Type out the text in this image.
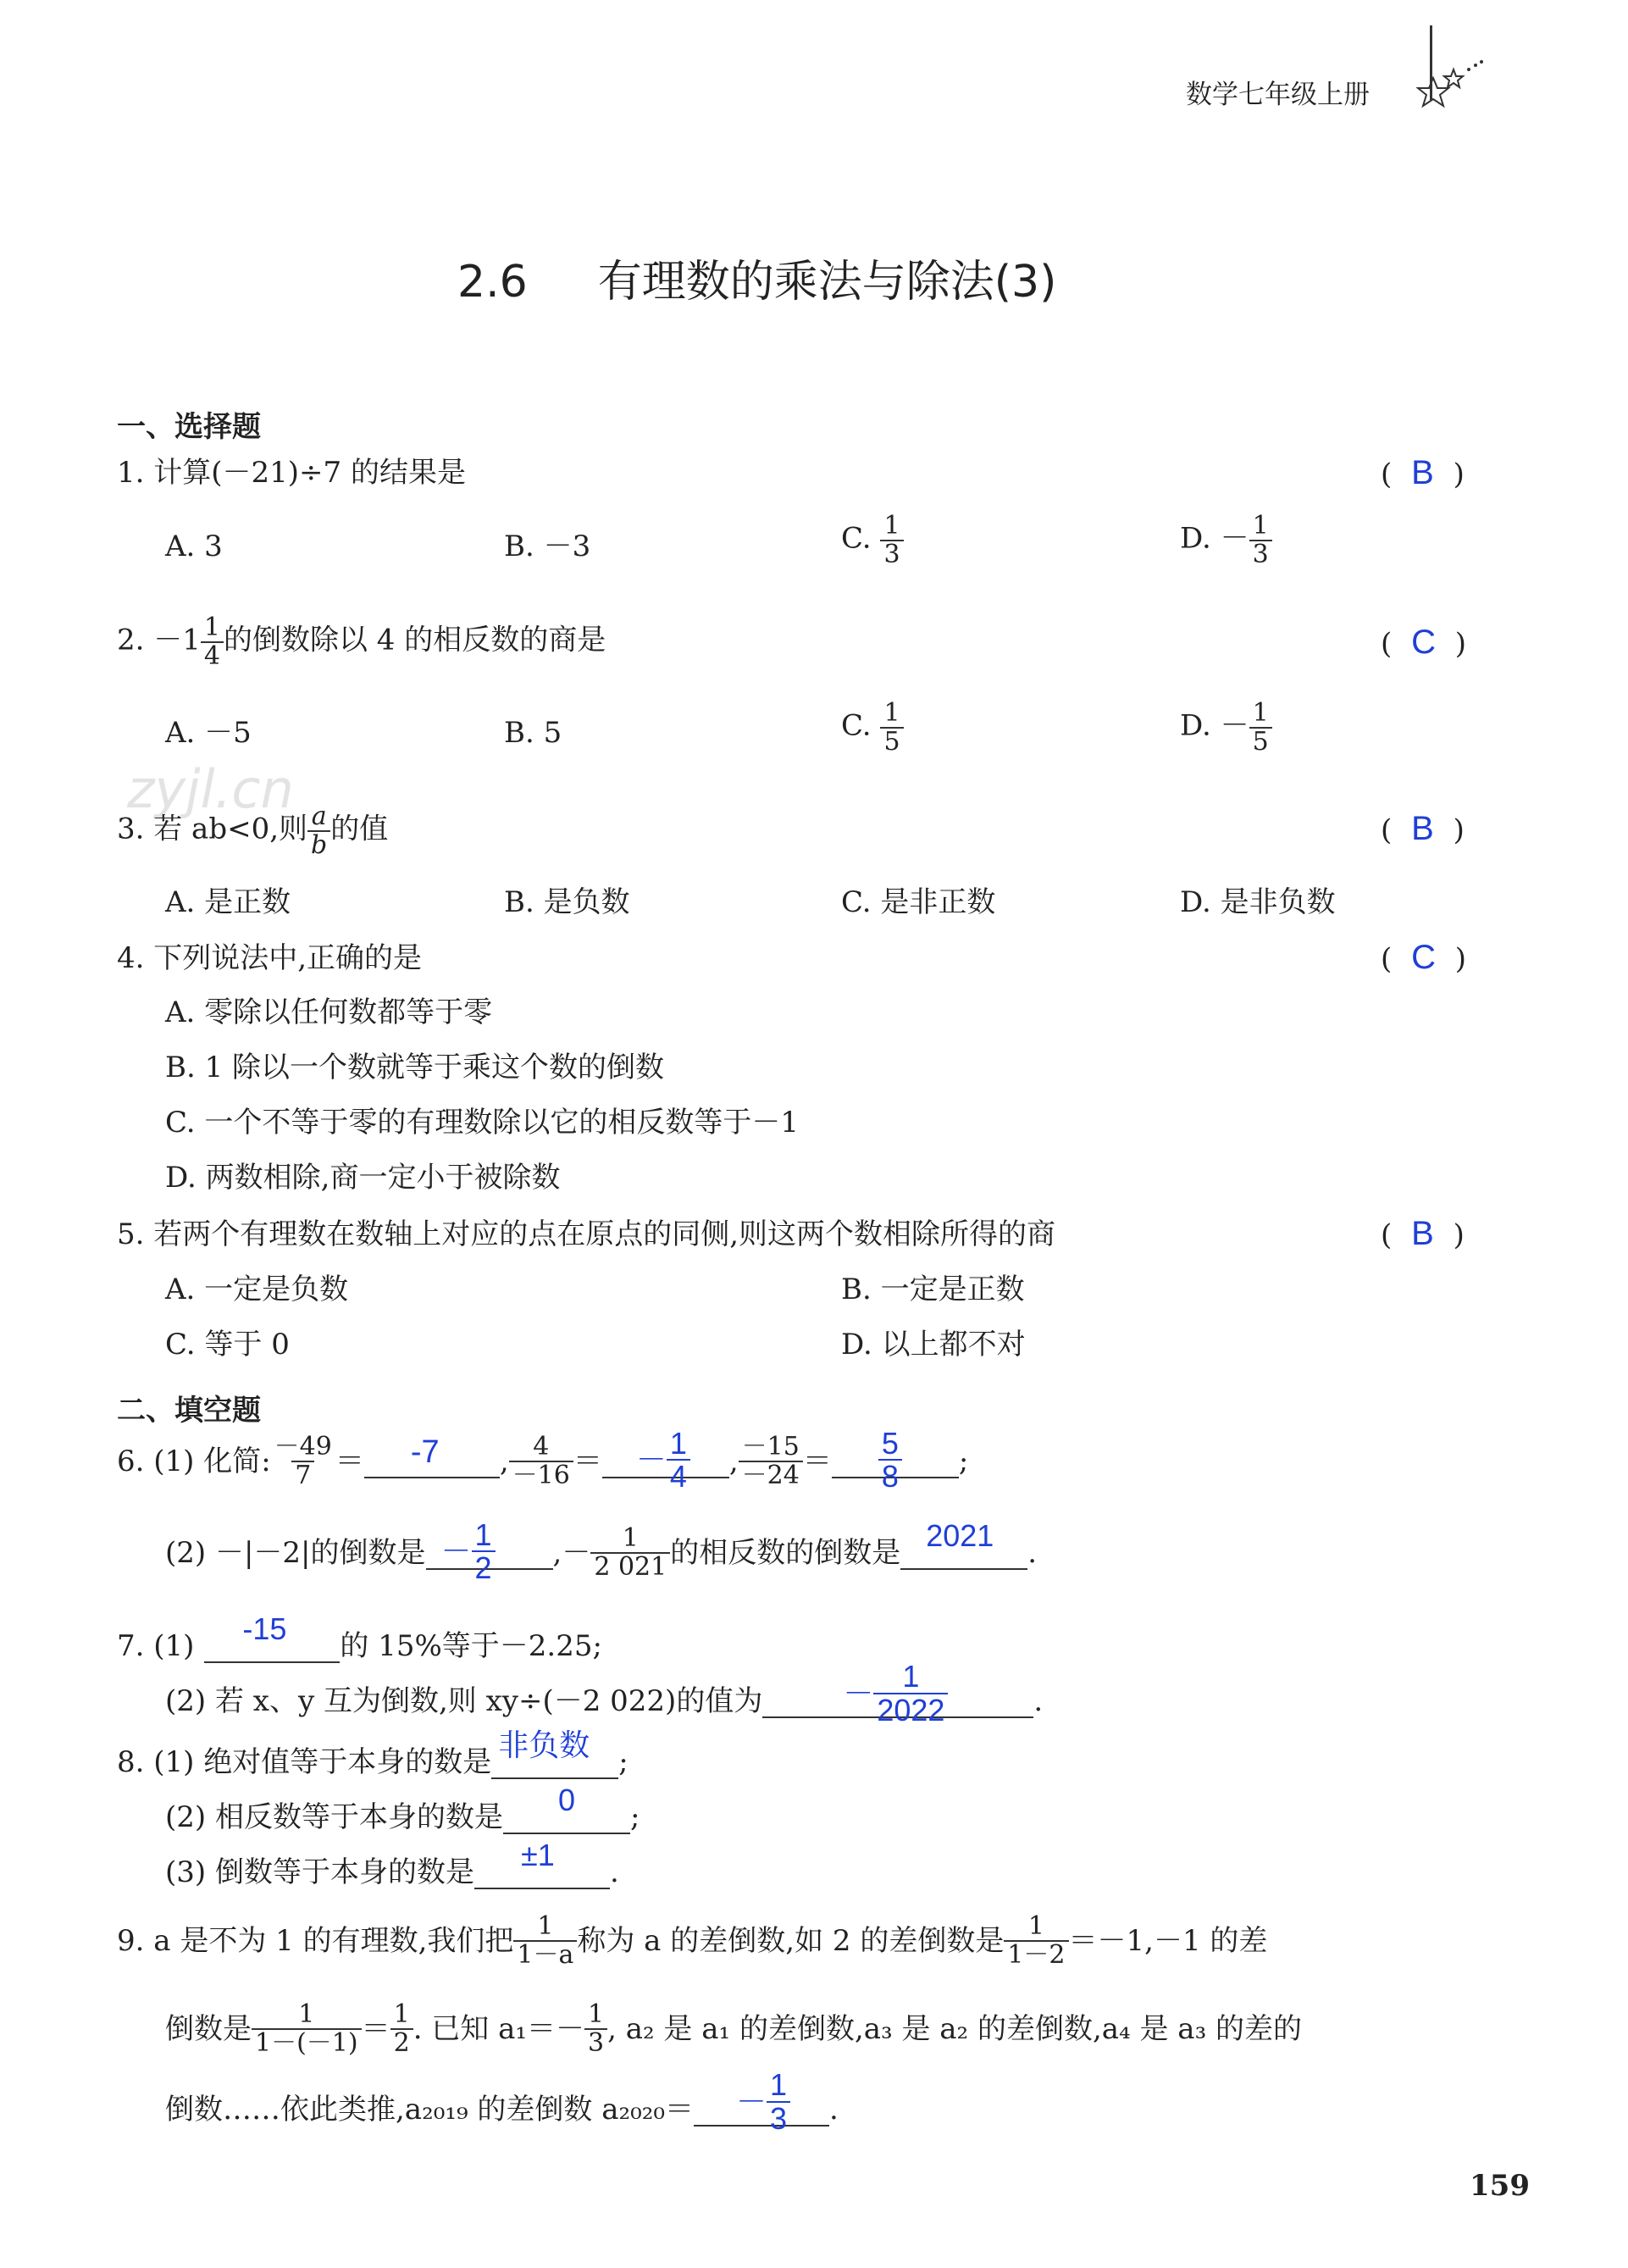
数学七年级上册
2.6 有理数的乘法与除法(3)
一、选择题
1. 计算(－21)÷7 的结果是	( B )
A. 3	B. －3	C. $\frac{1}{3}$	D. － $\frac{1}{3}$
2. $-1 \frac{1}{4}$ 的倒数除以 4 的相反数的商是	( C )
A. －5	B. 5	C. $\frac{1}{5}$	D. － $\frac{1}{5}$
zyjl.cn
3. 若 ab<0,则 $\frac{a}{b}$ 的值	( B )
A. 是正数	B. 是负数	C. 是非正数	D. 是非负数
4. 下列说法中,正确的是	( C )
A. 零除以任何数都等于零
B. 1 除以一个数就等于乘这个数的倒数
C. 一个不等于零的有理数除以它的相反数等于－1
D. 两数相除,商一定小于被除数
5. 若两个有理数在数轴上对应的点在原点的同侧,则这两个数相除所得的商	( B )
A. 一定是负数	B. 一定是正数
C. 等于 0	D. 以上都不对
二、填空题
6. (1) 化简: $\frac{-49}{7} = -7$ , $\frac{4}{-16}$ ＝ － $\frac{1}{4}$ , $\frac{-15}{-24} = \frac{5}{8}$ ;
(2) －|－2|的倒数是 － $\frac{1}{2}$ ,－ $\frac{1}{2 021}$ 的相反数的倒数是 2021 .
7. (1) -15 的 15%等于－2.25;
(2) 若 x、y 互为倒数,则 xy÷(－2 022)的值为	－ $\frac{1}{2022}$	.
8. (1) 绝对值等于本身的数是 非负数 ;
(2) 相反数等于本身的数是 0 ;
(3) 倒数等于本身的数是 ±1 .
9. a 是不为 1 的有理数,我们把 $\frac{1}{1-a}$ 称为 a 的差倒数,如 2 的差倒数是 $\frac{1}{1-2} =-1,-1$ 的差
倒数是 $\frac{1}{1-(-1)} = \frac{1}{2}$ . 已知 $a_1=- \frac{1}{3}$ , a₂ 是 a₁ 的差倒数,a₃ 是 a₂ 的差倒数,a₄ 是 a₃ 的差的
倒数……依此类推,a₂₀₁₉ 的差倒数 $a_{2020}= - \frac{1}{3}$ .
159
